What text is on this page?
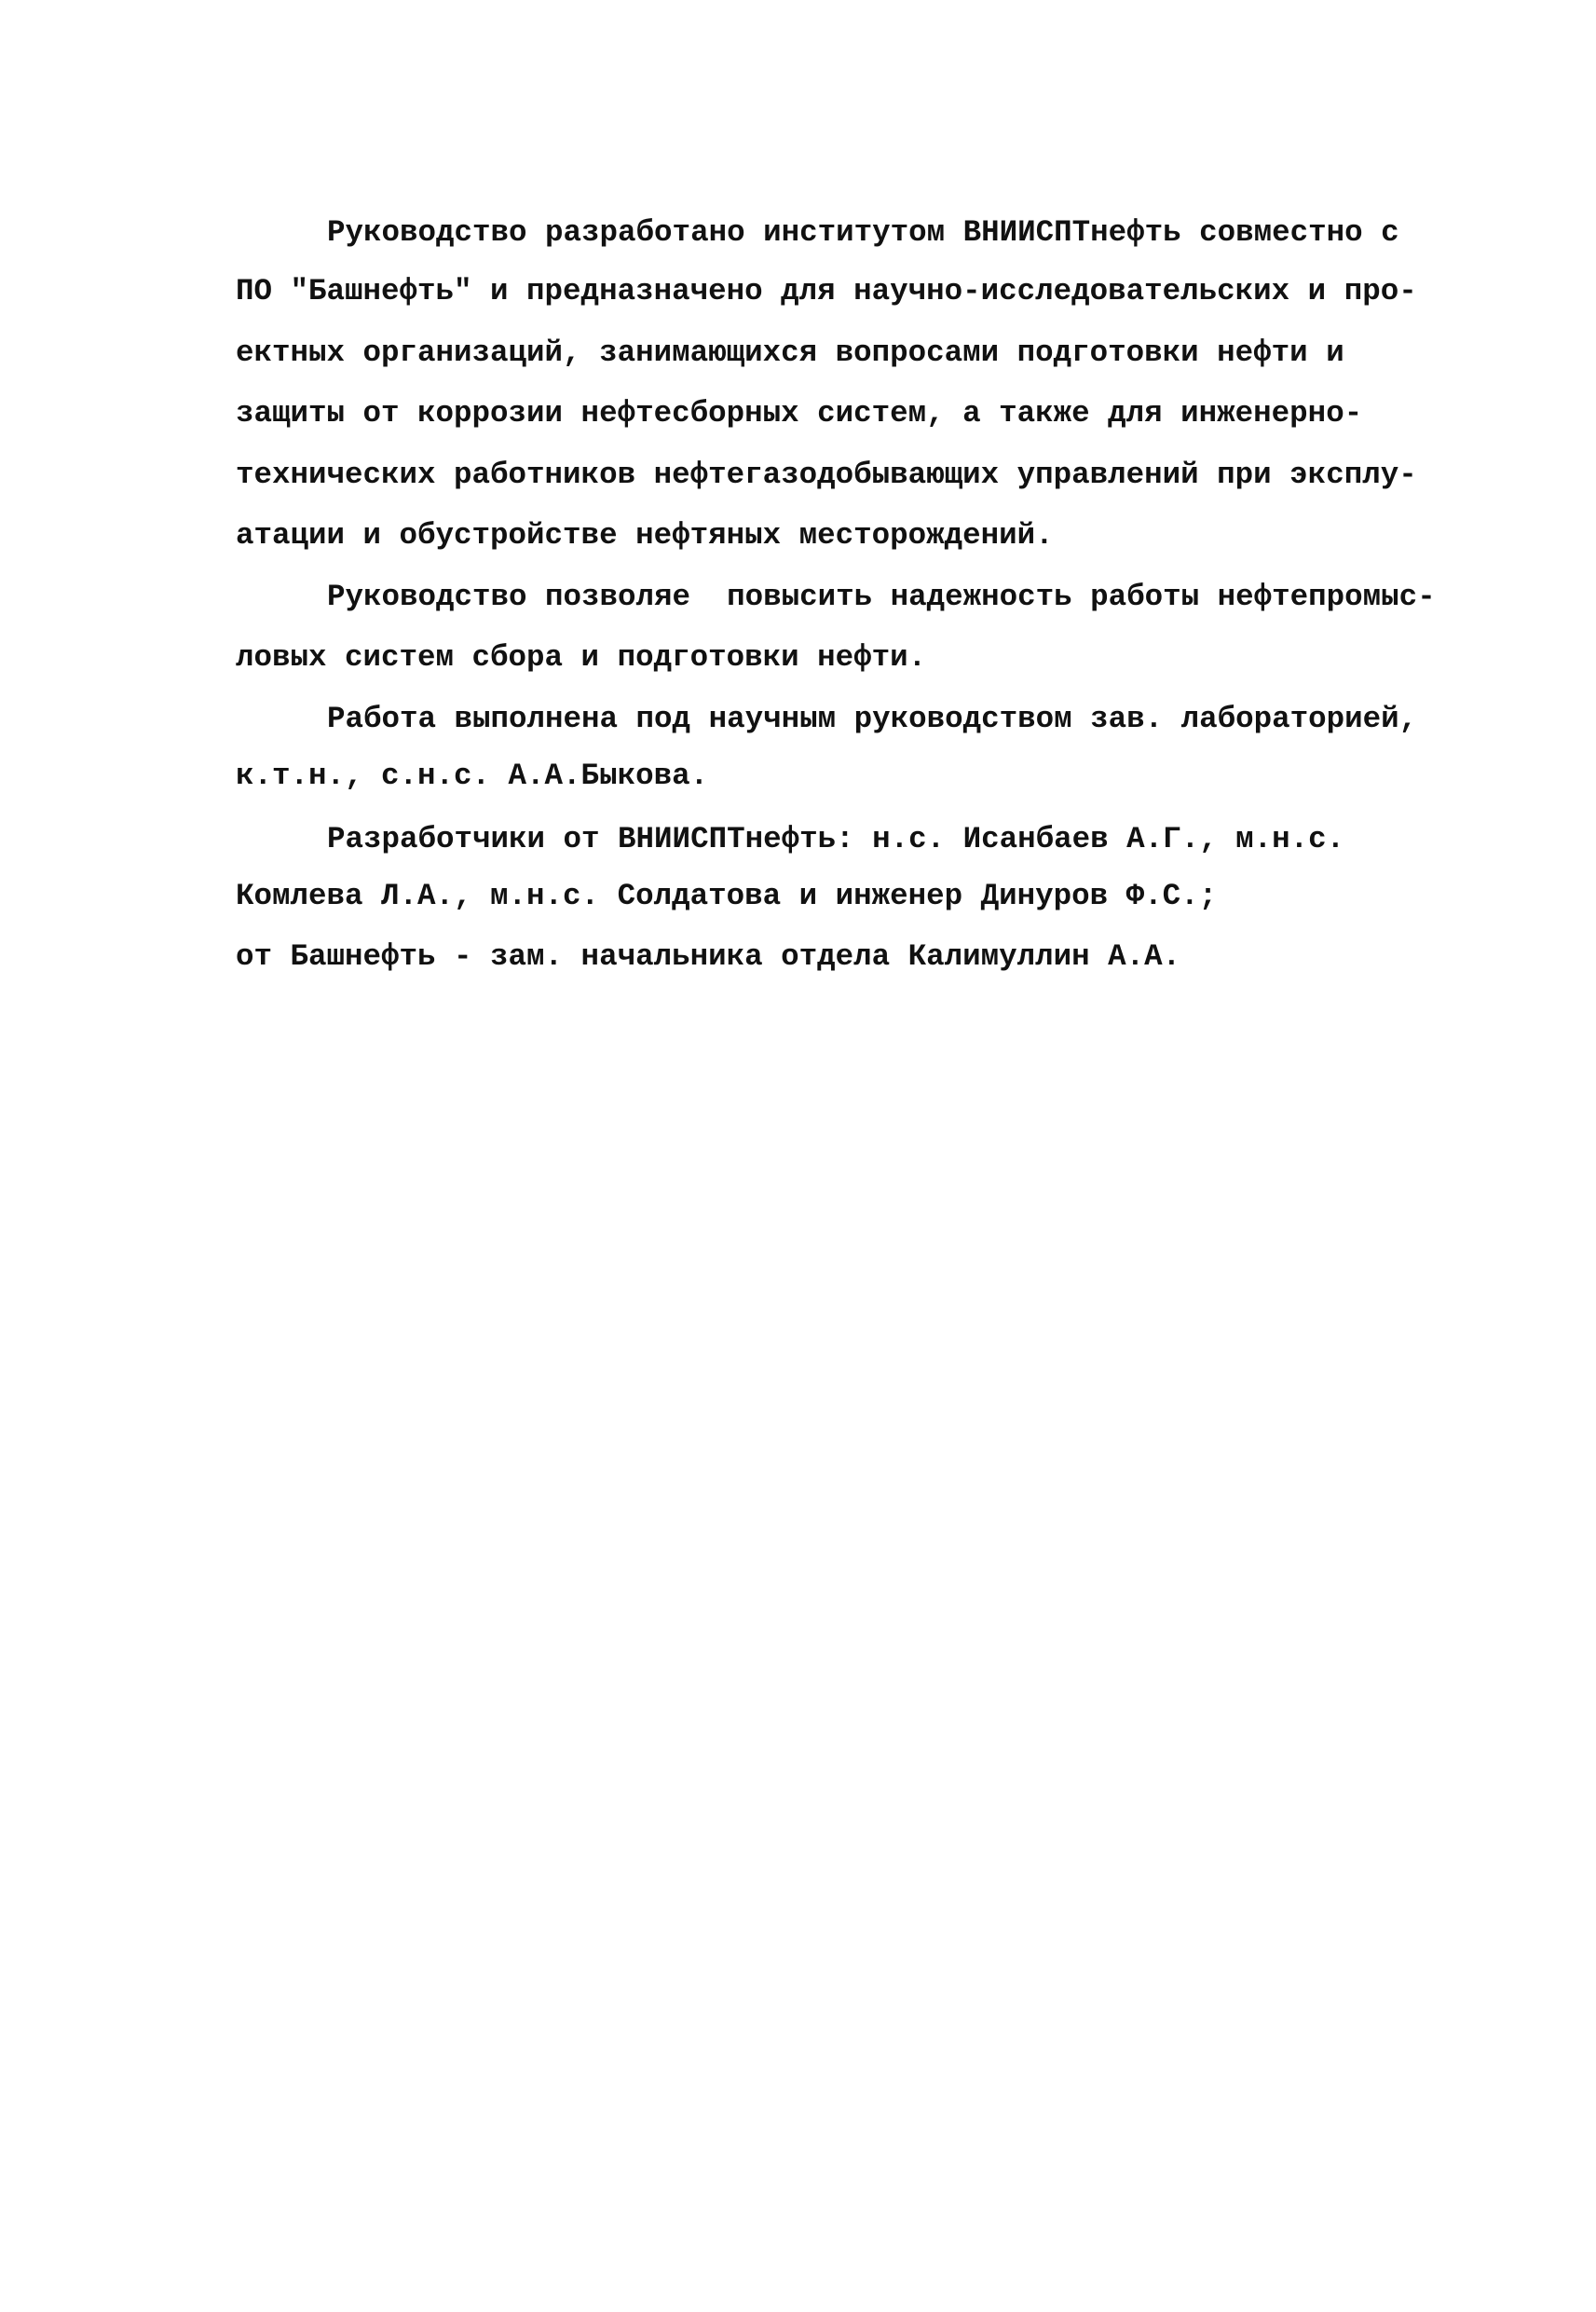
Руководство разработано институтом ВНИИСПТнефть совместно с
ПО "Башнефть" и предназначено для научно-исследовательских и про-
ектных организаций, занимающихся вопросами подготовки нефти и
защиты от коррозии нефтесборных систем, а также для инженерно-
технических работников нефтегазодобывающих управлений при эксплу-
атации и обустройстве нефтяных месторождений.
Руководство позволяе  повысить надежность работы нефтепромыс-
ловых систем сбора и подготовки нефти.
Работа выполнена под научным руководством зав. лабораторией,
к.т.н., с.н.с. А.А.Быкова.
Разработчики от ВНИИСПТнефть: н.с. Исанбаев А.Г., м.н.с.
Комлева Л.А., м.н.с. Солдатова и инженер Динуров Ф.С.;
от Башнефть - зам. начальника отдела Калимуллин А.А.
